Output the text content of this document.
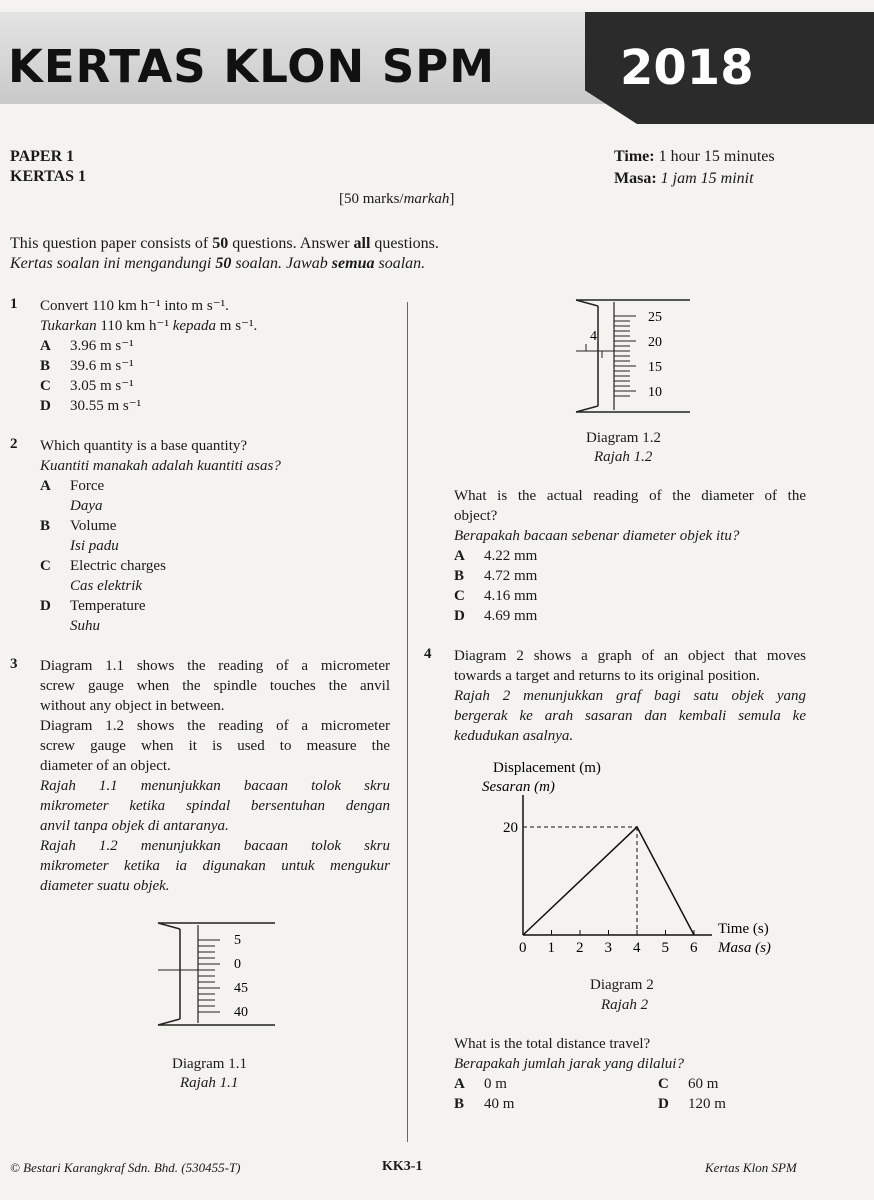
KERTAS KLON SPM	2018
PAPER 1
KERTAS 1
Time: 1 hour 15 minutes
Masa: 1 jam 15 minit
[50 marks/markah]
This question paper consists of 50 questions. Answer all questions.
Kertas soalan ini mengandungi 50 soalan. Jawab semua soalan.
1 Convert 110 km h⁻¹ into m s⁻¹.
Tukarkan 110 km h⁻¹ kepada m s⁻¹.
A 3.96 m s⁻¹
B 39.6 m s⁻¹
C 3.05 m s⁻¹
D 30.55 m s⁻¹
2 Which quantity is a base quantity?
Kuantiti manakah adalah kuantiti asas?
A Force
Daya
B Volume
Isi padu
C Electric charges
Cas elektrik
D Temperature
Suhu
3 Diagram 1.1 shows the reading of a micrometer
screw gauge when the spindle touches the anvil
without any object in between.
Diagram 1.2 shows the reading of a micrometer
screw gauge when it is used to measure the
diameter of an object.
Rajah 1.1 menunjukkan bacaan tolok skru
mikrometer ketika spindal bersentuhan dengan
anvil tanpa objek di antaranya.
Rajah 1.2 menunjukkan bacaan tolok skru
mikrometer ketika ia digunakan untuk mengukur
diameter suatu objek.
5
0
45
40
Diagram 1.1
Rajah 1.1
4
25
20
15
10
Diagram 1.2
Rajah 1.2
What is the actual reading of the diameter of the
object?
Berapakah bacaan sebenar diameter objek itu?
A 4.22 mm
B 4.72 mm
C 4.16 mm
D 4.69 mm
4 Diagram 2 shows a graph of an object that moves
towards a target and returns to its original position.
Rajah 2 menunjukkan graf bagi satu objek yang
bergerak ke arah sasaran dan kembali semula ke
kedudukan asalnya.
Displacement (m)
Sesaran (m)
0 1 2 3 4 5 6
20
Time (s)
Masa (s)
Diagram 2
Rajah 2
What is the total distance travel?
Berapakah jumlah jarak yang dilalui?
A 0 m
B 40 m
C 60 m
D 120 m
© Bestari Karangkraf Sdn. Bhd. (530455-T)	KK3-1	Kertas Klon SPM
